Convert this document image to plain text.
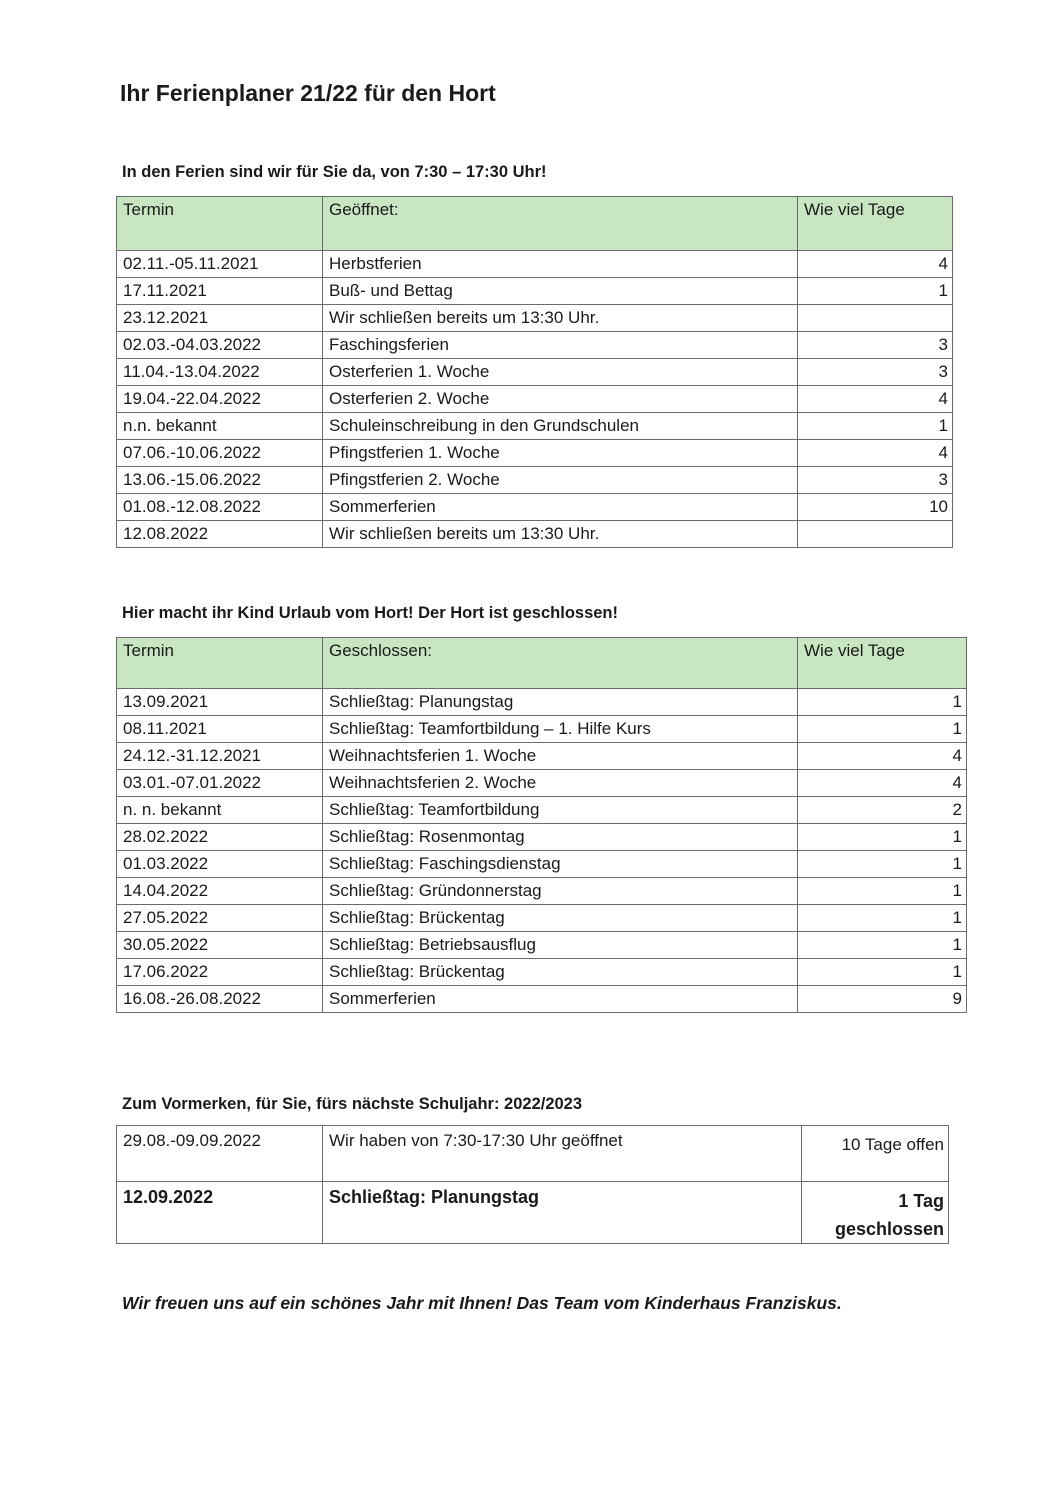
Ihr Ferienplaner 21/22 für den Hort

In den Ferien sind wir für Sie da, von 7:30 – 17:30 Uhr!

Termin	Geöffnet:	Wie viel Tage
02.11.-05.11.2021	Herbstferien	4
17.11.2021	Buß- und Bettag	1
23.12.2021	Wir schließen bereits um 13:30 Uhr.	
02.03.-04.03.2022	Faschingsferien	3
11.04.-13.04.2022	Osterferien 1. Woche	3
19.04.-22.04.2022	Osterferien 2. Woche	4
n.n. bekannt	Schuleinschreibung in den Grundschulen	1
07.06.-10.06.2022	Pfingstferien 1. Woche	4
13.06.-15.06.2022	Pfingstferien 2. Woche	3
01.08.-12.08.2022	Sommerferien	10
12.08.2022	Wir schließen bereits um 13:30 Uhr.	

Hier macht ihr Kind Urlaub vom Hort! Der Hort ist geschlossen!

Termin	Geschlossen:	Wie viel Tage
13.09.2021	Schließtag: Planungstag	1
08.11.2021	Schließtag: Teamfortbildung – 1. Hilfe Kurs	1
24.12.-31.12.2021	Weihnachtsferien 1. Woche	4
03.01.-07.01.2022	Weihnachtsferien 2. Woche	4
n. n. bekannt	Schließtag: Teamfortbildung	2
28.02.2022	Schließtag: Rosenmontag	1
01.03.2022	Schließtag: Faschingsdienstag	1
14.04.2022	Schließtag: Gründonnerstag	1
27.05.2022	Schließtag: Brückentag	1
30.05.2022	Schließtag: Betriebsausflug	1
17.06.2022	Schließtag: Brückentag	1
16.08.-26.08.2022	Sommerferien	9

Zum Vormerken, für Sie, fürs nächste Schuljahr: 2022/2023

29.08.-09.09.2022	Wir haben von 7:30-17:30 Uhr geöffnet	10 Tage offen
12.09.2022	Schließtag: Planungstag	1 Tag geschlossen

Wir freuen uns auf ein schönes Jahr mit Ihnen! Das Team vom Kinderhaus Franziskus.
